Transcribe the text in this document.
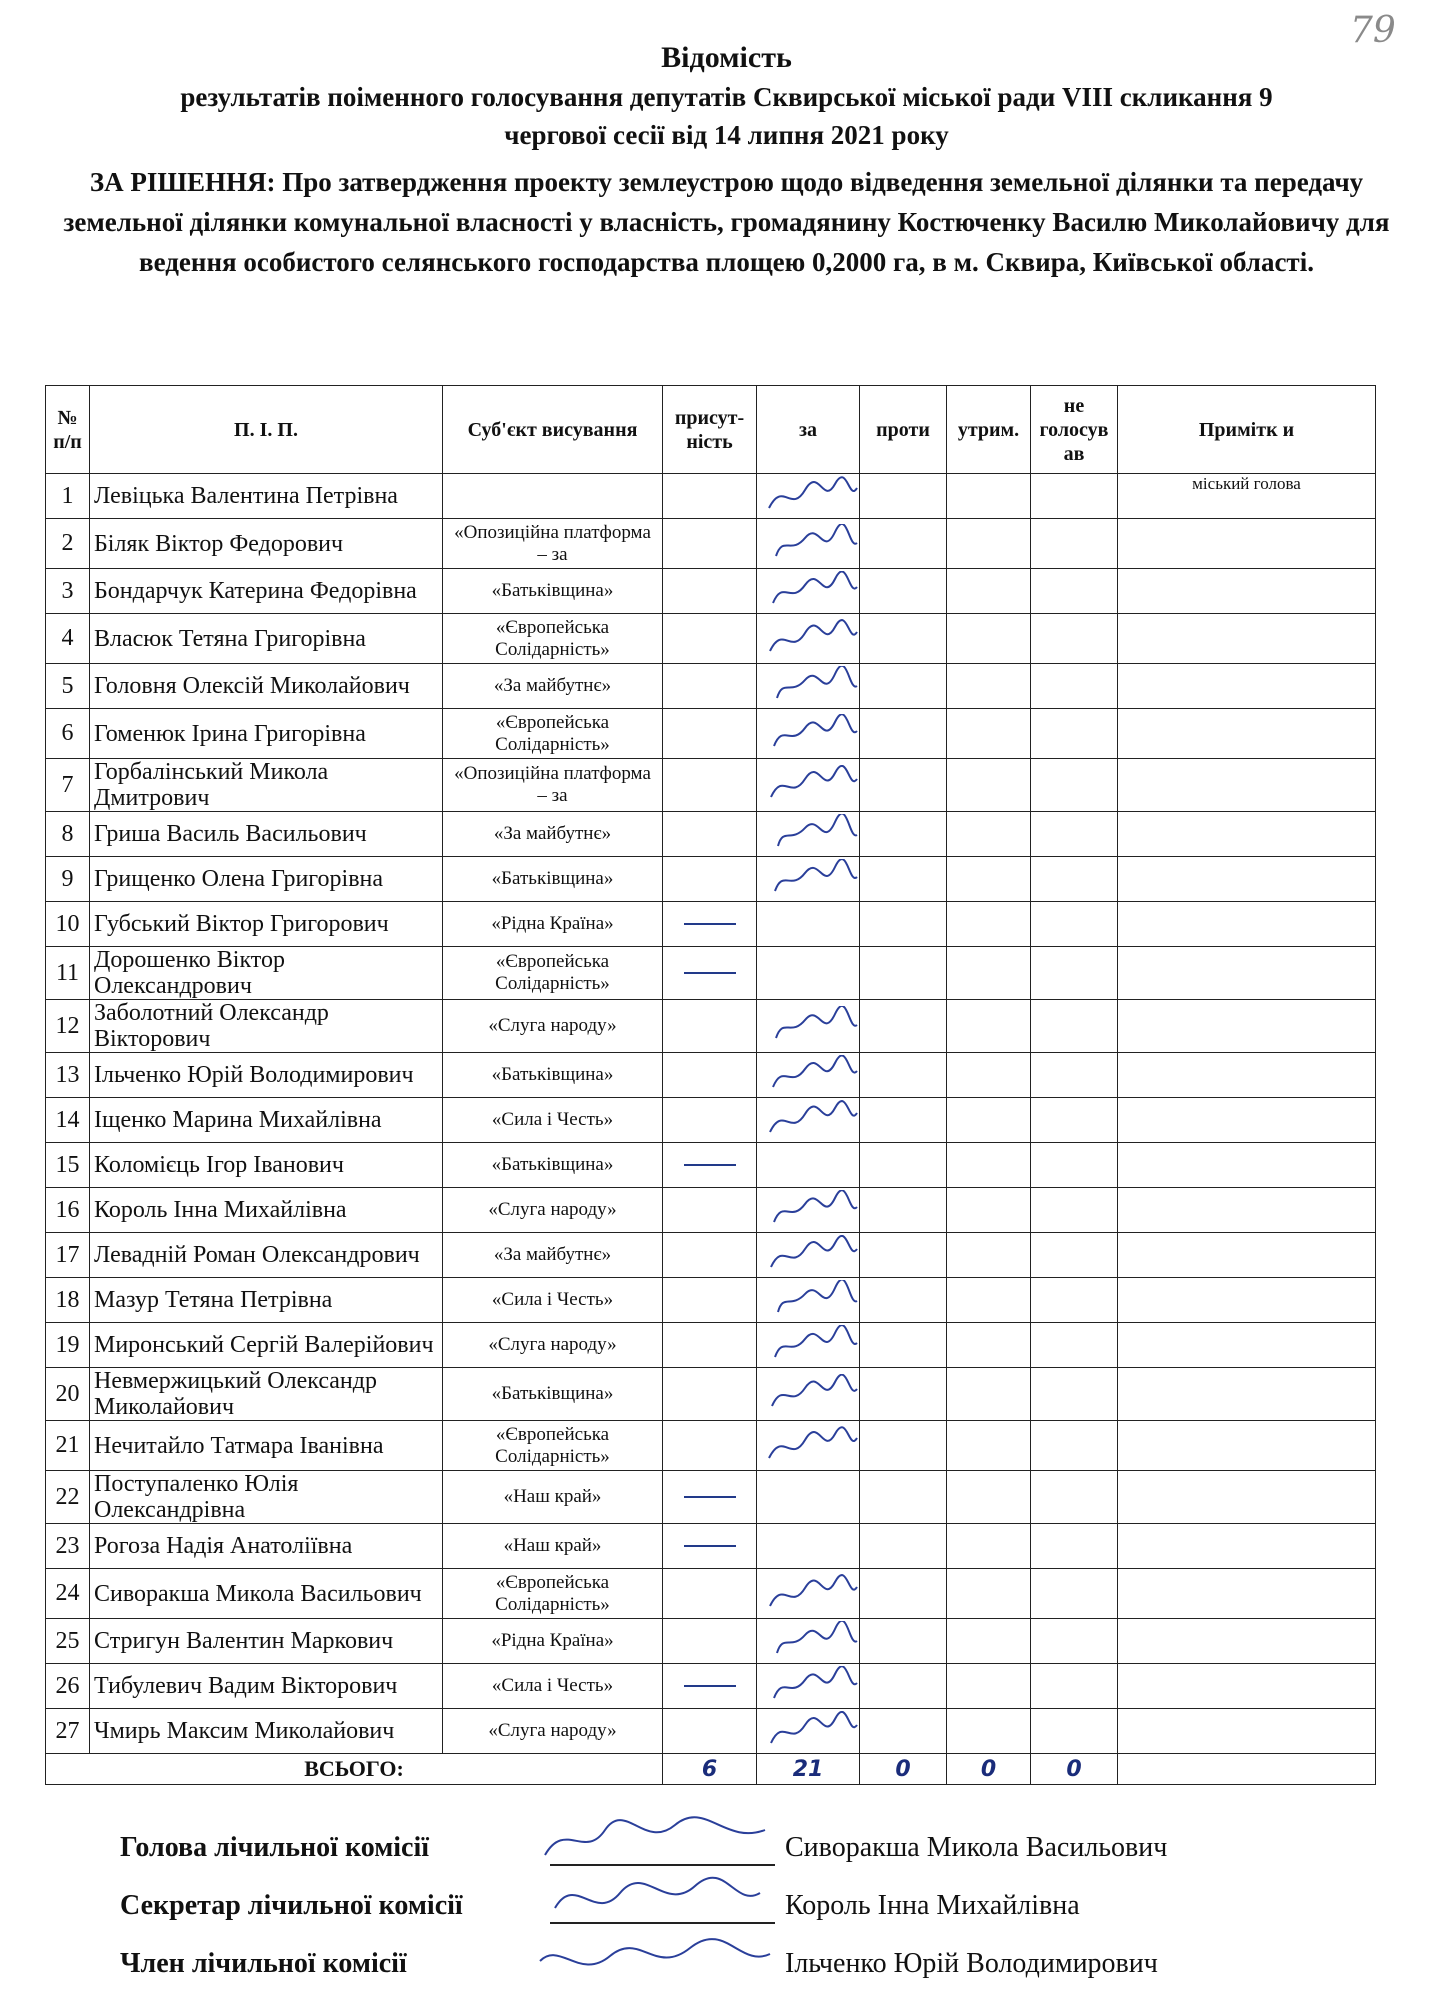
79
Відомість
результатів поіменного голосування депутатів Сквирської міської ради VIII скликання 9
чергової сесії від 14 липня 2021 року
ЗА РІШЕННЯ: Про затвердження проекту землеустрою щодо відведення земельної ділянки та передачу земельної ділянки комунальної власності у власність, громадянину Костюченку Василю Миколайовичу для ведення особистого селянського господарства площею 0,2000 га, в м. Сквира, Київської області.
№ п/п	П. І. П.	Суб'єкт висування	присут-ність	за	проти	утрим.	не голосув ав	Примітк и
1	Левіцька Валентина Петрівна							міський голова
2	Біляк Віктор Федорович	«Опозиційна платформа – за		

3	Бондарчук Катерина Федорівна	«Батьківщина»		

4	Власюк Тетяна Григорівна	«Європейська Солідарність»		

5	Головня Олексій Миколайович	«За майбутнє»		

6	Гоменюк Ірина Григорівна	«Європейська Солідарність»		

7	Горбалінський Микола Дмитрович	«Опозиційна платформа – за		

8	Гриша Василь Васильович	«За майбутнє»		

9	Грищенко Олена Григорівна	«Батьківщина»		

10	Губський Віктор Григорович	«Рідна Країна»	

11	Дорошенко Віктор Олександрович	«Європейська Солідарність»	

12	Заболотний Олександр Вікторович	«Слуга народу»		

13	Ільченко Юрій Володимирович	«Батьківщина»		

14	Іщенко Марина Михайлівна	«Сила і Честь»		

15	Коломієць Ігор Іванович	«Батьківщина»	

16	Король Інна Михайлівна	«Слуга народу»		

17	Левадній Роман Олександрович	«За майбутнє»		

18	Мазур Тетяна Петрівна	«Сила і Честь»		

19	Миронський Сергій Валерійович	«Слуга народу»		

20	Невмержицький Олександр Миколайович	«Батьківщина»		

21	Нечитайло Татмара Іванівна	«Європейська Солідарність»		

22	Поступаленко Юлія Олександрівна	«Наш край»	

23	Рогоза Надія Анатоліївна	«Наш край»	

24	Сиворакша Микола Васильович	«Європейська Солідарність»		

25	Стригун Валентин Маркович	«Рідна Країна»		

26	Тибулевич Вадим Вікторович	«Сила і Честь»	

27	Чмирь Максим Миколайович	«Слуга народу»		

ВСЬОГО:			6	21	0	0	0	
Голова лічильної комісії	Сиворакша Микола Васильович
Секретар лічильної комісії	Король Інна Михайлівна
Член лічильної комісії	Ільченко Юрій Володимирович
